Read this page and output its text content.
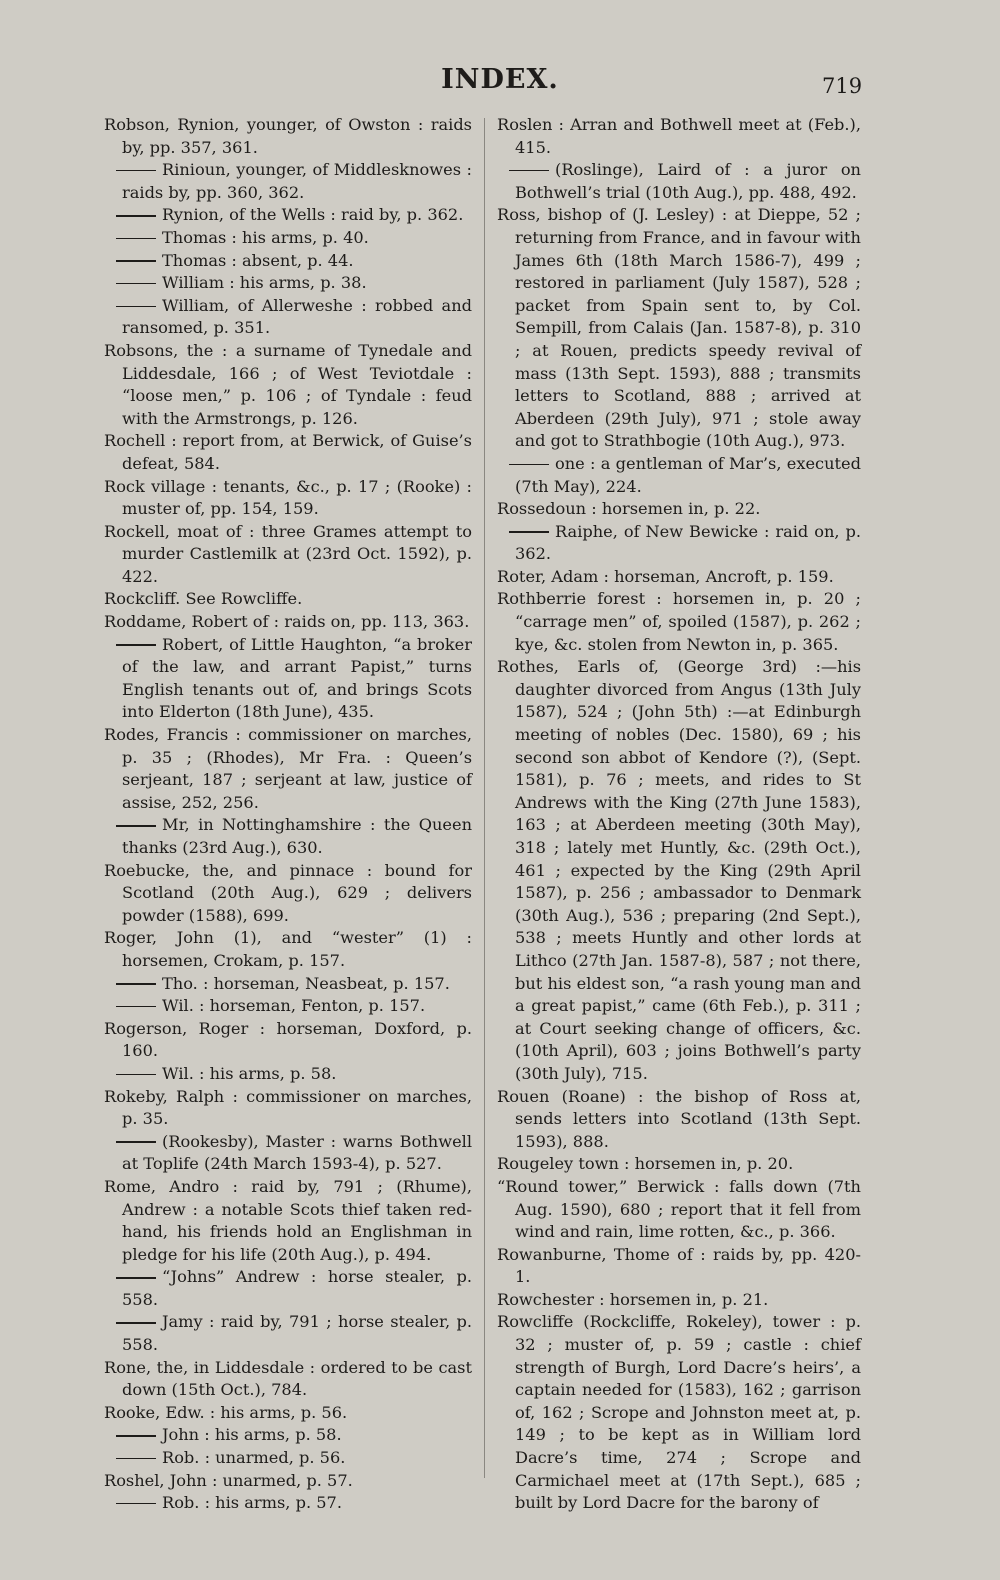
INDEX.	719

Robson, Rynion, younger, of Owston : raids by, pp. 357, 361.

Rinioun, younger, of Middlesknowes : raids by, pp. 360, 362.

Rynion, of the Wells : raid by, p. 362.

Thomas : his arms, p. 40.

Thomas : absent, p. 44.

William : his arms, p. 38.

William, of Allerweshe : robbed and ransomed, p. 351.

Robsons, the : a surname of Tynedale and Liddesdale, 166 ; of West Teviotdale : “loose men,” p. 106 ; of Tyndale : feud with the Armstrongs, p. 126.

Rochell : report from, at Berwick, of Guise’s defeat, 584.

Rock village : tenants, &c., p. 17 ; (Rooke) : muster of, pp. 154, 159.

Rockell, moat of : three Grames attempt to murder Castlemilk at (23rd Oct. 1592), p. 422.

Rockcliff. See Rowcliffe.

Roddame, Robert of : raids on, pp. 113, 363.

Robert, of Little Haughton, “a broker of the law, and arrant Papist,” turns English tenants out of, and brings Scots into Elderton (18th June), 435.

Rodes, Francis : commissioner on marches, p. 35 ; (Rhodes), Mr Fra. : Queen’s serjeant, 187 ; serjeant at law, justice of assise, 252, 256.

Mr, in Nottinghamshire : the Queen thanks (23rd Aug.), 630.

Roebucke, the, and pinnace : bound for Scotland (20th Aug.), 629 ; delivers powder (1588), 699.

Roger, John (1), and “wester” (1) : horsemen, Crokam, p. 157.

Tho. : horseman, Neasbeat, p. 157.

Wil. : horseman, Fenton, p. 157.

Rogerson, Roger : horseman, Doxford, p. 160.

Wil. : his arms, p. 58.

Rokeby, Ralph : commissioner on marches, p. 35.

(Rookesby), Master : warns Bothwell at Toplife (24th March 1593-4), p. 527.

Rome, Andro : raid by, 791 ; (Rhume), Andrew : a notable Scots thief taken red-hand, his friends hold an Englishman in pledge for his life (20th Aug.), p. 494.

“Johns” Andrew : horse stealer, p. 558.

Jamy : raid by, 791 ; horse stealer, p. 558.

Rone, the, in Liddesdale : ordered to be cast down (15th Oct.), 784.

Rooke, Edw. : his arms, p. 56.

John : his arms, p. 58.

Rob. : unarmed, p. 56.

Roshel, John : unarmed, p. 57.

Rob. : his arms, p. 57.

Roslen : Arran and Bothwell meet at (Feb.), 415.

(Roslinge), Laird of : a juror on Bothwell’s trial (10th Aug.), pp. 488, 492.

Ross, bishop of (J. Lesley) : at Dieppe, 52 ; returning from France, and in favour with James 6th (18th March 1586-7), 499 ; restored in parliament (July 1587), 528 ; packet from Spain sent to, by Col. Sempill, from Calais (Jan. 1587-8), p. 310 ; at Rouen, predicts speedy revival of mass (13th Sept. 1593), 888 ; transmits letters to Scotland, 888 ; arrived at Aberdeen (29th July), 971 ; stole away and got to Strathbogie (10th Aug.), 973.

one : a gentleman of Mar’s, executed (7th May), 224.

Rossedoun : horsemen in, p. 22.

Raiphe, of New Bewicke : raid on, p. 362.

Roter, Adam : horseman, Ancroft, p. 159.

Rothberrie forest : horsemen in, p. 20 ; “carrage men” of, spoiled (1587), p. 262 ; kye, &c. stolen from Newton in, p. 365.

Rothes, Earls of, (George 3rd) :—his daughter divorced from Angus (13th July 1587), 524 ; (John 5th) :—at Edinburgh meeting of nobles (Dec. 1580), 69 ; his second son abbot of Kendore (?), (Sept. 1581), p. 76 ; meets, and rides to St Andrews with the King (27th June 1583), 163 ; at Aberdeen meeting (30th May), 318 ; lately met Huntly, &c. (29th Oct.), 461 ; expected by the King (29th April 1587), p. 256 ; ambassador to Denmark (30th Aug.), 536 ; preparing (2nd Sept.), 538 ; meets Huntly and other lords at Lithco (27th Jan. 1587-8), 587 ; not there, but his eldest son, “a rash young man and a great papist,” came (6th Feb.), p. 311 ; at Court seeking change of officers, &c. (10th April), 603 ; joins Bothwell’s party (30th July), 715.

Rouen (Roane) : the bishop of Ross at, sends letters into Scotland (13th Sept. 1593), 888.

Rougeley town : horsemen in, p. 20.

“Round tower,” Berwick : falls down (7th Aug. 1590), 680 ; report that it fell from wind and rain, lime rotten, &c., p. 366.

Rowanburne, Thome of : raids by, pp. 420-1.

Rowchester : horsemen in, p. 21.

Rowcliffe (Rockcliffe, Rokeley), tower : p. 32 ; muster of, p. 59 ; castle : chief strength of Burgh, Lord Dacre’s heirs’, a captain needed for (1583), 162 ; garrison of, 162 ; Scrope and Johnston meet at, p. 149 ; to be kept as in William lord Dacre’s time, 274 ; Scrope and Carmichael meet at (17th Sept.), 685 ; built by Lord Dacre for the barony of
